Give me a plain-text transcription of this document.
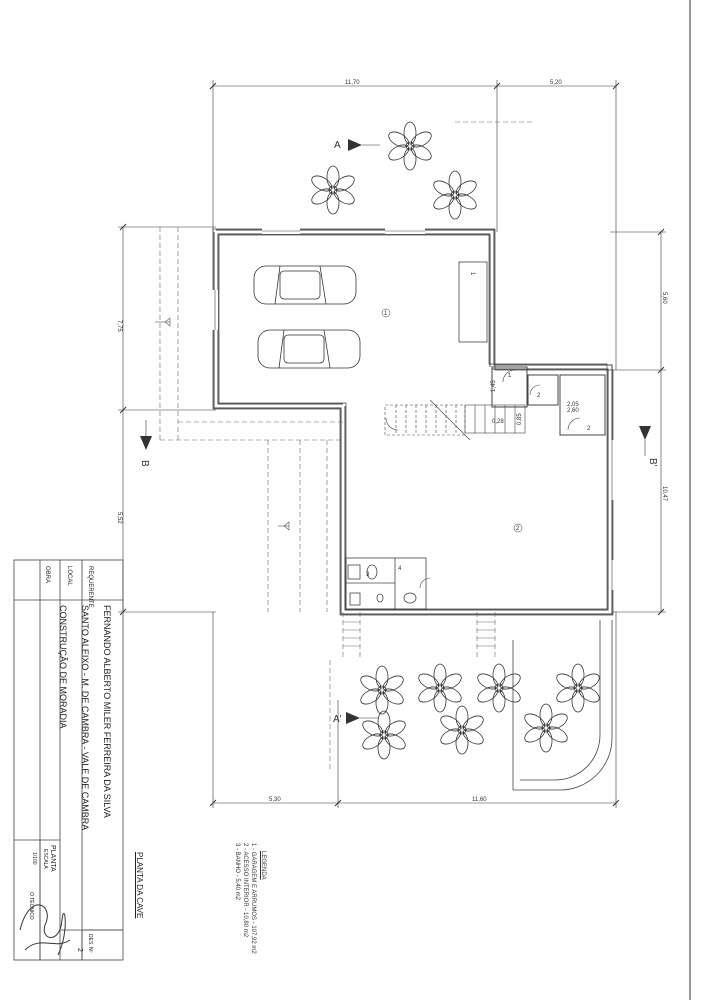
11,70	5,20
5,30	11,60
1,45
2,60
0,28 0,85
2,05
7,75
5,52
5,60
10,47
A
B	B'
A'
1
2
3
4
1
1
2
2
REQUERENTE
FERNANDO ALBERTO MILER FERREIRA DA SILVA
LOCAL
SANTO ALEIXO - M. DE CAMBRA - VALE DE CAMBRA
OBRA
CONSTRUÇÃO DE MORADIA
PLANTA
ESCALA
1/100
DES. Nº
2
O TÉCNICO	PLANTA DA CAVE	LEGENDA
1 - GARAGEM E ARRUMOS - 107,92 m2
2 - ACESSO INTERIOR - 10,80 m2
3 - BANHO - 5,40 m2
